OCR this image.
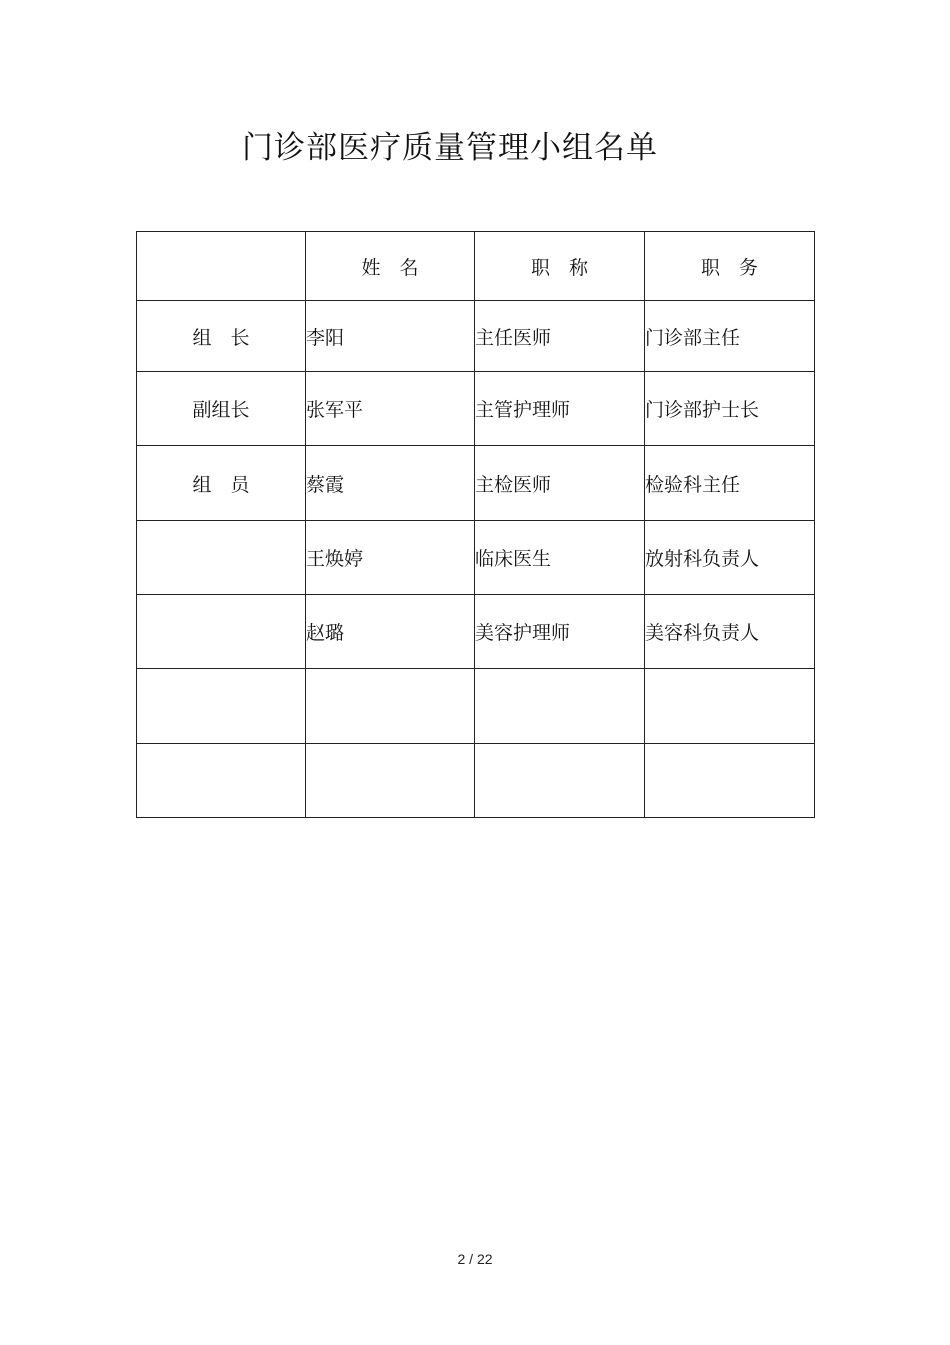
门诊部医疗质量管理小组名单
	姓　名	职　称	职　务
组　长	李阳	主任医师	门诊部主任
副组长	张军平	主管护理师	门诊部护士长
组　员	蔡霞	主检医师	检验科主任
	王焕婷	临床医生	放射科负责人
	赵璐	美容护理师	美容科负责人

2 / 22
